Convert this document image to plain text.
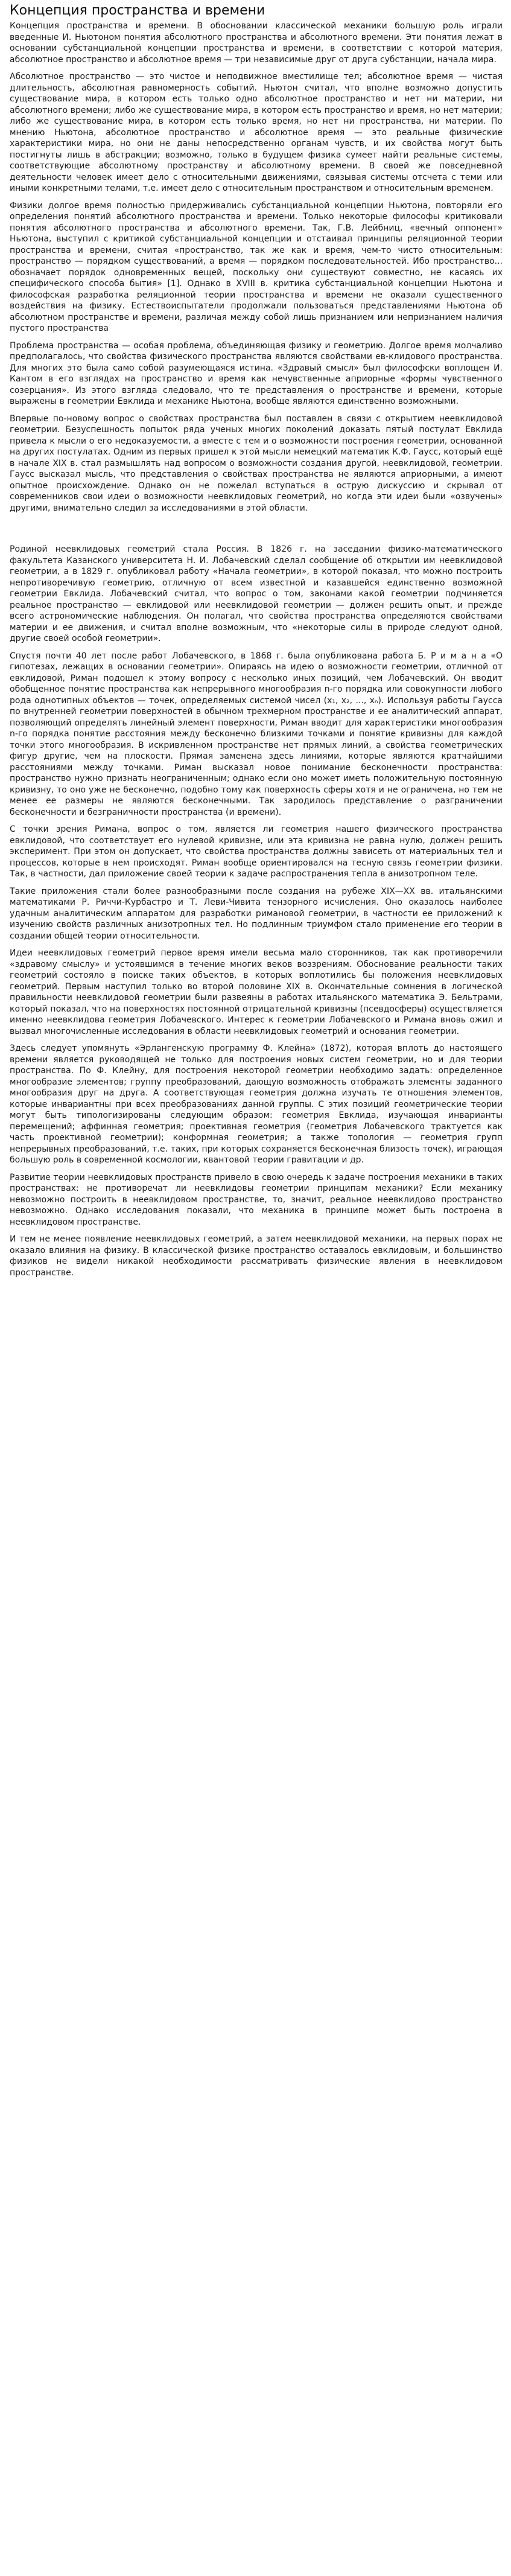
Концепция пространства и времени

Концепция пространства и времени. В обосновании классической механики большую роль играли введенные И. Ньютоном понятия абсолютного пространства и абсолютного времени. Эти понятия лежат в основании субстанциальной концепции пространства и времени, в соответствии с которой материя, абсолютное пространство и абсолютное время — три независимые друг от друга субстанции, начала мира.

Абсолютное пространство — это чистое и неподвижное вместилище тел; абсолютное время — чистая длительность, абсолютная равномерность событий. Ньютон считал, что вполне возможно допустить существование мира, в котором есть только одно абсолютное пространство и нет ни материи, ни абсолютного времени; либо же существование мира, в котором есть пространство и время, но нет материи; либо же существование мира, в котором есть только время, но нет ни пространства, ни материи. По мнению Ньютона, абсолютное пространство и абсолютное время — это реальные физические характеристики мира, но они не даны непосредственно органам чувств, и их свойства могут быть постигнуты лишь в абстракции; возможно, только в будущем физика сумеет найти реальные системы, соответствующие абсолютному пространству и абсолютному времени. В своей же повседневной деятельности человек имеет дело с относительными движениями, связывая системы отсчета с теми или иными конкретными телами, т.е. имеет дело с относительным пространством и относительным временем.

Физики долгое время полностью придерживались субстанциальной концепции Ньютона, повторяли его определения понятий абсолютного пространства и времени. Только некоторые философы критиковали понятия абсолютного пространства и абсолютного времени. Так, Г.В. Лейбниц, «вечный оппонент» Ньютона, выступил с критикой субстанциальной концепции и отстаивал принципы реляционной теории пространства и времени, считая «пространство, так же как и время, чем-то чисто относительным: пространство — порядком существований, а время — порядком последовательностей. Ибо пространство... обозначает порядок одновременных вещей, поскольку они существуют совместно, не касаясь их специфического способа бытия» [1]. Однако в XVIII в. критика субстанциальной концепции Ньютона и философская разработка реляционной теории пространства и времени не оказали существенного воздействия на физику. Естествоиспытатели продолжали пользоваться представлениями Ньютона об абсолютном пространстве и времени, различая между собой лишь признанием или непризнанием наличия пустого пространства

Проблема пространства — особая проблема, объединяющая физику и геометрию. Долгое время молчаливо предполагалось, что свойства физического пространства являются свойствами ев-клидового пространства. Для многих это была само собой разумеющаяся истина. «Здравый смысл» был философски воплощен И. Кантом в его взглядах на пространство и время как нечувственные априорные «формы чувственного созерцания». Из этого взгляда следовало, что те представления о пространстве и времени, которые выражены в геометрии Евклида и механике Ньютона, вообще являются единственно возможными.

Впервые по-новому вопрос о свойствах пространства был поставлен в связи с открытием неевклидовой геометрии. Безуспешность попыток ряда ученых многих поколений доказать пятый постулат Евклида привела к мысли о его недоказуемости, а вместе с тем и о возможности построения геометрии, основанной на других постулатах. Одним из первых пришел к этой мысли немецкий математик К.Ф. Гаусс, который ещё в начале XIX в. стал размышлять над вопросом о возможности создания другой, неевклидовой, геометрии. Гаусс высказал мысль, что представления о свойствах пространства не являются априорными, а имеют опытное происхождение. Однако он не пожелал вступаться в острую дискуссию и скрывал от современников свои идеи о возможности неевклидовых геометрий, но когда эти идеи были «озвучены» другими, внимательно следил за исследованиями в этой области.

Родиной неевклидовых геометрий стала Россия. В 1826 г. на заседании физико-математического факультета Казанского университета Н. И. Лобачевский сделал сообщение об открытии им неевклидовой геометрии, а в 1829 г. опубликовал работу «Начала геометрии», в которой показал, что можно построить непротиворечивую геометрию, отличную от всем известной и казавшейся единственно возможной геометрии Евклида. Лобачевский считал, что вопрос о том, законами какой геометрии подчиняется реальное пространство — евклидовой или неевклидовой геометрии — должен решить опыт, и прежде всего астрономические наблюдения. Он полагал, что свойства пространства определяются свойствами материи и ее движения, и считал вполне возможным, что «некоторые силы в природе следуют одной, другие своей особой геометрии».

Спустя почти 40 лет после работ Лобачевского, в 1868 г. была опубликована работа Б. Р и м а н а «О гипотезах, лежащих в основании геометрии». Опираясь на идею о возможности геометрии, отличной от евклидовой, Риман подошел к этому вопросу с несколько иных позиций, чем Лобачевский. Он вводит обобщенное понятие пространства как непрерывного многообразия n-го порядка или совокупности любого рода однотипных объектов — точек, определяемых системой чисел (x₁, x₂, ..., xₙ). Используя работы Гаусса по внутренней геометрии поверхностей в обычном трехмерном пространстве и ее аналитический аппарат, позволяющий определять линейный элемент поверхности, Риман вводит для характеристики многообразия n-го порядка понятие расстояния между бесконечно близкими точками и понятие кривизны для каждой точки этого многообразия. В искривленном пространстве нет прямых линий, а свойства геометрических фигур другие, чем на плоскости. Прямая заменена здесь линиями, которые являются кратчайшими расстояниями между точками. Риман высказал новое понимание бесконечности пространства: пространство нужно признать неограниченным; однако если оно может иметь положительную постоянную кривизну, то оно уже не бесконечно, подобно тому как поверхность сферы хотя и не ограничена, но тем не менее ее размеры не являются бесконечными. Так зародилось представление о разграничении бесконечности и безграничности пространства (и времени).

С точки зрения Римана, вопрос о том, является ли геометрия нашего физического пространства евклидовой, что соответствует его нулевой кривизне, или эта кривизна не равна нулю, должен решить эксперимент. При этом он допускает, что свойства пространства должны зависеть от материальных тел и процессов, которые в нем происходят. Риман вообще ориентировался на тесную связь геометрии физики. Так, в частности, дал приложение своей теории к задаче распространения тепла в анизотропном теле.

Такие приложения стали более разнообразными после создания на рубеже XIX—XX вв. итальянскими математиками Р. Риччи-Курбастро и Т. Леви-Чивита тензорного исчисления. Оно оказалось наиболее удачным аналитическим аппаратом для разработки римановой геометрии, в частности ее приложений к изучению свойств различных анизотропных тел. Но подлинным триумфом стало применение его теории в создании общей теории относительности.

Идеи неевклидовых геометрий первое время имели весьма мало сторонников, так как противоречили «здравому смыслу» и устоявшимся в течение многих веков воззрениям. Обоснование реальности таких геометрий состояло в поиске таких объектов, в которых воплотились бы положения неевклидовых геометрий. Первым наступил только во второй половине XIX в. Окончательные сомнения в логической правильности неевклидовой геометрии были развеяны в работах итальянского математика Э. Бельтрами, который показал, что на поверхностях постоянной отрицательной кривизны (псевдосферы) осуществляется именно неевклидова геометрия Лобачевского. Интерес к геометрии Лобачевского и Римана вновь ожил и вызвал многочисленные исследования в области неевклидовых геометрий и основания геометрии.

Здесь следует упомянуть «Эрлангенскую программу Ф. Клейна» (1872), которая вплоть до настоящего времени является руководящей не только для построения новых систем геометрии, но и для теории пространства. По Ф. Клейну, для построения некоторой геометрии необходимо задать: определенное многообразие элементов; группу преобразований, дающую возможность отображать элементы заданного многообразия друг на друга. А соответствующая геометрия должна изучать те отношения элементов, которые инвариантны при всех преобразованиях данной группы. С этих позиций геометрические теории могут быть типологизированы следующим образом: геометрия Евклида, изучающая инварианты перемещений; аффинная геометрия; проективная геометрия (геометрия Лобачевского трактуется как часть проективной геометрии); конформная геометрия; а также топология — геометрия групп непрерывных преобразований, т.е. таких, при которых сохраняется бесконечная близость точек), играющая большую роль в современной космологии, квантовой теории гравитации и др.

Развитие теории неевклидовых пространств привело в свою очередь к задаче построения механики в таких пространствах: не противоречат ли неевклидовы геометрии принципам механики? Если механику невозможно построить в неевклидовом пространстве, то, значит, реальное неевклидово пространство невозможно. Однако исследования показали, что механика в принципе может быть построена в неевклидовом пространстве.

И тем не менее появление неевклидовых геометрий, а затем неевклидовой механики, на первых порах не оказало влияния на физику. В классической физике пространство оставалось евклидовым, и большинство физиков не видели никакой необходимости рассматривать физические явления в неевклидовом пространстве.
